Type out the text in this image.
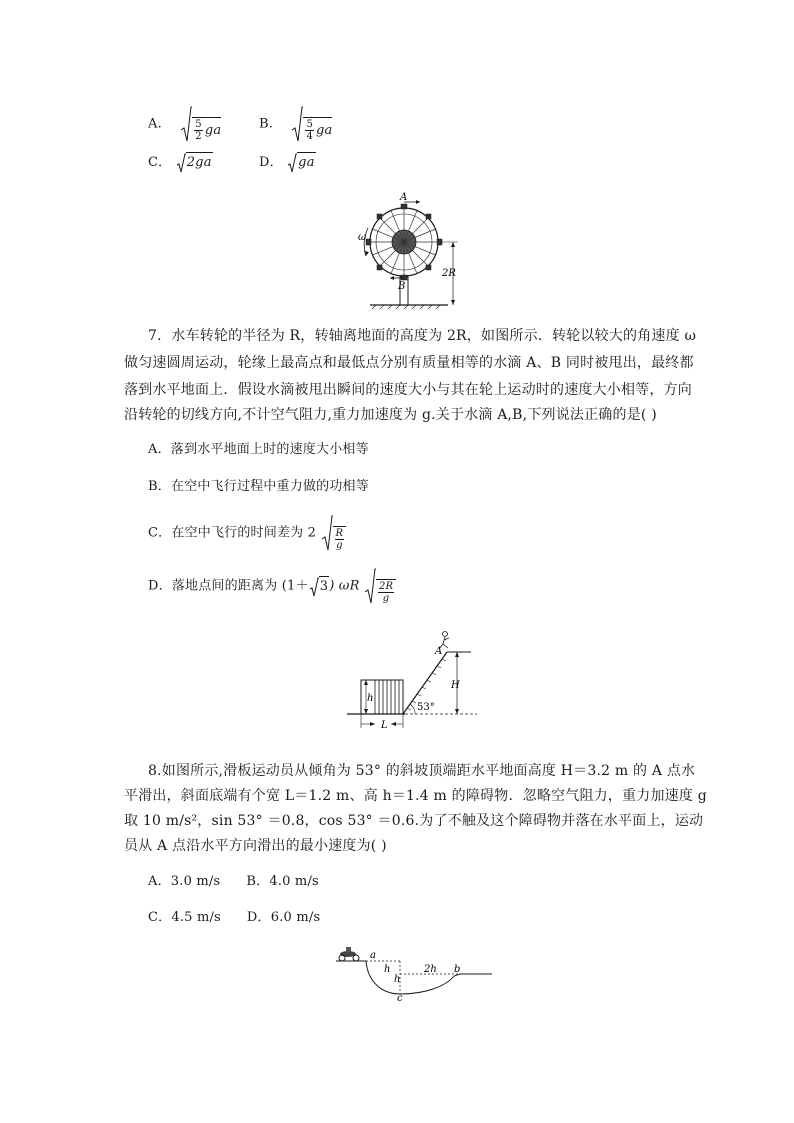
A.	$\frac{5}{2}$ ga	B.	$\frac{5}{4}$ ga
C． 2ga	D． ga
A
B
ω
2R
7．水车转轮的半径为 R，转轴离地面的高度为 2R，如图所示．转轮以较大的角速度 ω
做匀速圆周运动，轮缘上最高点和最低点分别有质量相等的水滴 A、B 同时被甩出，最终都
落到水平地面上．假设水滴被甩出瞬间的速度大小与其在轮上运动时的速度大小相等，方向
沿转轮的切线方向,不计空气阻力,重力加速度为 g.关于水滴 A,B,下列说法正确的是( )
A．落到水平地面上时的速度大小相等
B．在空中飞行过程中重力做的功相等
C．在空中飞行的时间差为 $2 \frac{R}{g}$
D．落地点间的距离为 (1＋ 3 ) ωR $\frac{2R}{g}$
h
L
A
53°
H
8.如图所示,滑板运动员从倾角为 53° 的斜坡顶端距水平地面高度 H＝3.2 m 的 A 点水
平滑出，斜面底端有个宽 L＝1.2 m、高 h＝1.4 m 的障碍物．忽略空气阻力，重力加速度 g
取 10 m/s²，sin 53° ＝0.8，cos 53° ＝0.6.为了不触及这个障碍物并落在水平面上，运动
员从 A 点沿水平方向滑出的最小速度为( )
A．3.0 m/s      B．4.0 m/s
C．4.5 m/s      D．6.0 m/s
a
h
h
2h b
c
